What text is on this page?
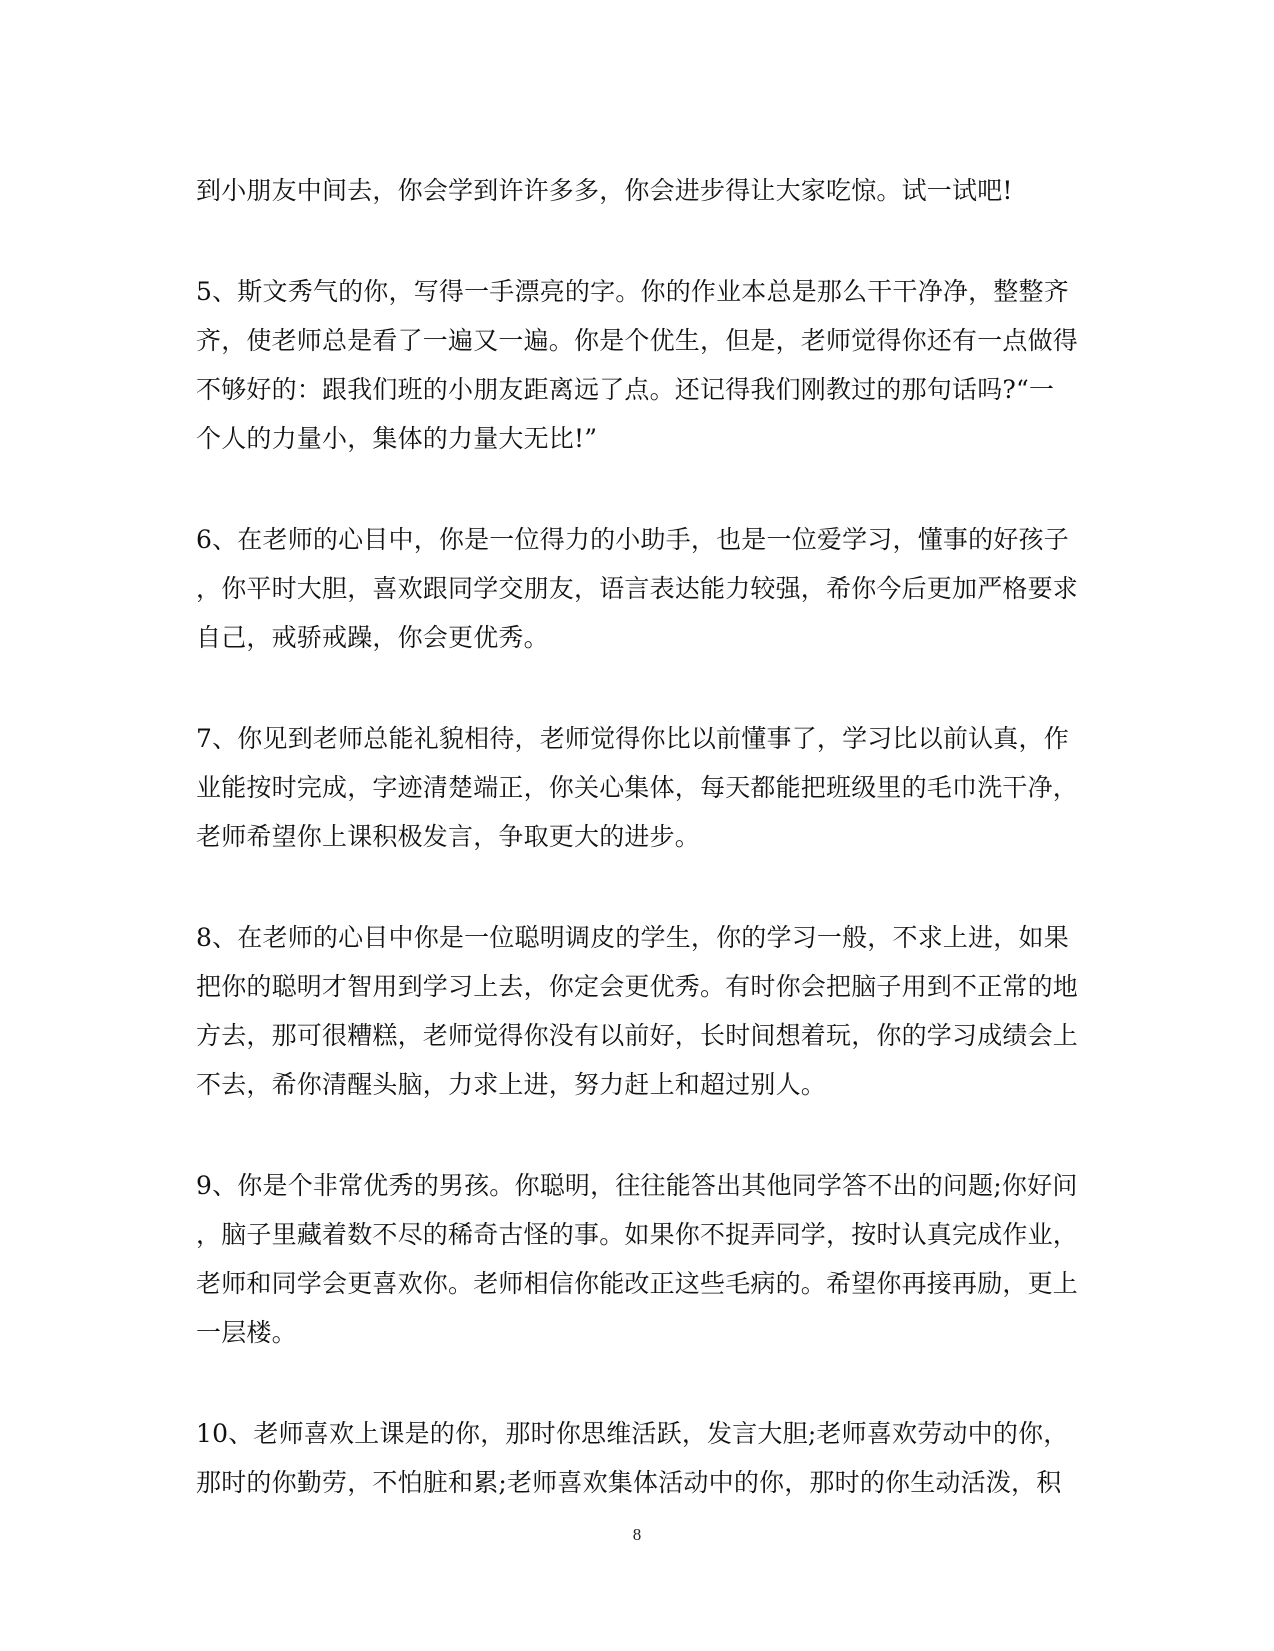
到小朋友中间去，你会学到许许多多，你会进步得让大家吃惊。试一试吧!
5、斯文秀气的你，写得一手漂亮的字。你的作业本总是那么干干净净，整整齐
齐，使老师总是看了一遍又一遍。你是个优生，但是，老师觉得你还有一点做得
不够好的：跟我们班的小朋友距离远了点。还记得我们刚教过的那句话吗?“一
个人的力量小，集体的力量大无比!”
6、在老师的心目中，你是一位得力的小助手，也是一位爱学习，懂事的好孩子
，你平时大胆，喜欢跟同学交朋友，语言表达能力较强，希你今后更加严格要求
自己，戒骄戒躁，你会更优秀。
7、你见到老师总能礼貌相待，老师觉得你比以前懂事了，学习比以前认真，作
业能按时完成，字迹清楚端正，你关心集体，每天都能把班级里的毛巾洗干净，
老师希望你上课积极发言，争取更大的进步。
8、在老师的心目中你是一位聪明调皮的学生，你的学习一般，不求上进，如果
把你的聪明才智用到学习上去，你定会更优秀。有时你会把脑子用到不正常的地
方去，那可很糟糕，老师觉得你没有以前好，长时间想着玩，你的学习成绩会上
不去，希你清醒头脑，力求上进，努力赶上和超过别人。
9、你是个非常优秀的男孩。你聪明，往往能答出其他同学答不出的问题;你好问
，脑子里藏着数不尽的稀奇古怪的事。如果你不捉弄同学，按时认真完成作业，
老师和同学会更喜欢你。老师相信你能改正这些毛病的。希望你再接再励，更上
一层楼。
10、老师喜欢上课是的你，那时你思维活跃，发言大胆;老师喜欢劳动中的你，
那时的你勤劳，不怕脏和累;老师喜欢集体活动中的你，那时的你生动活泼，积
8
